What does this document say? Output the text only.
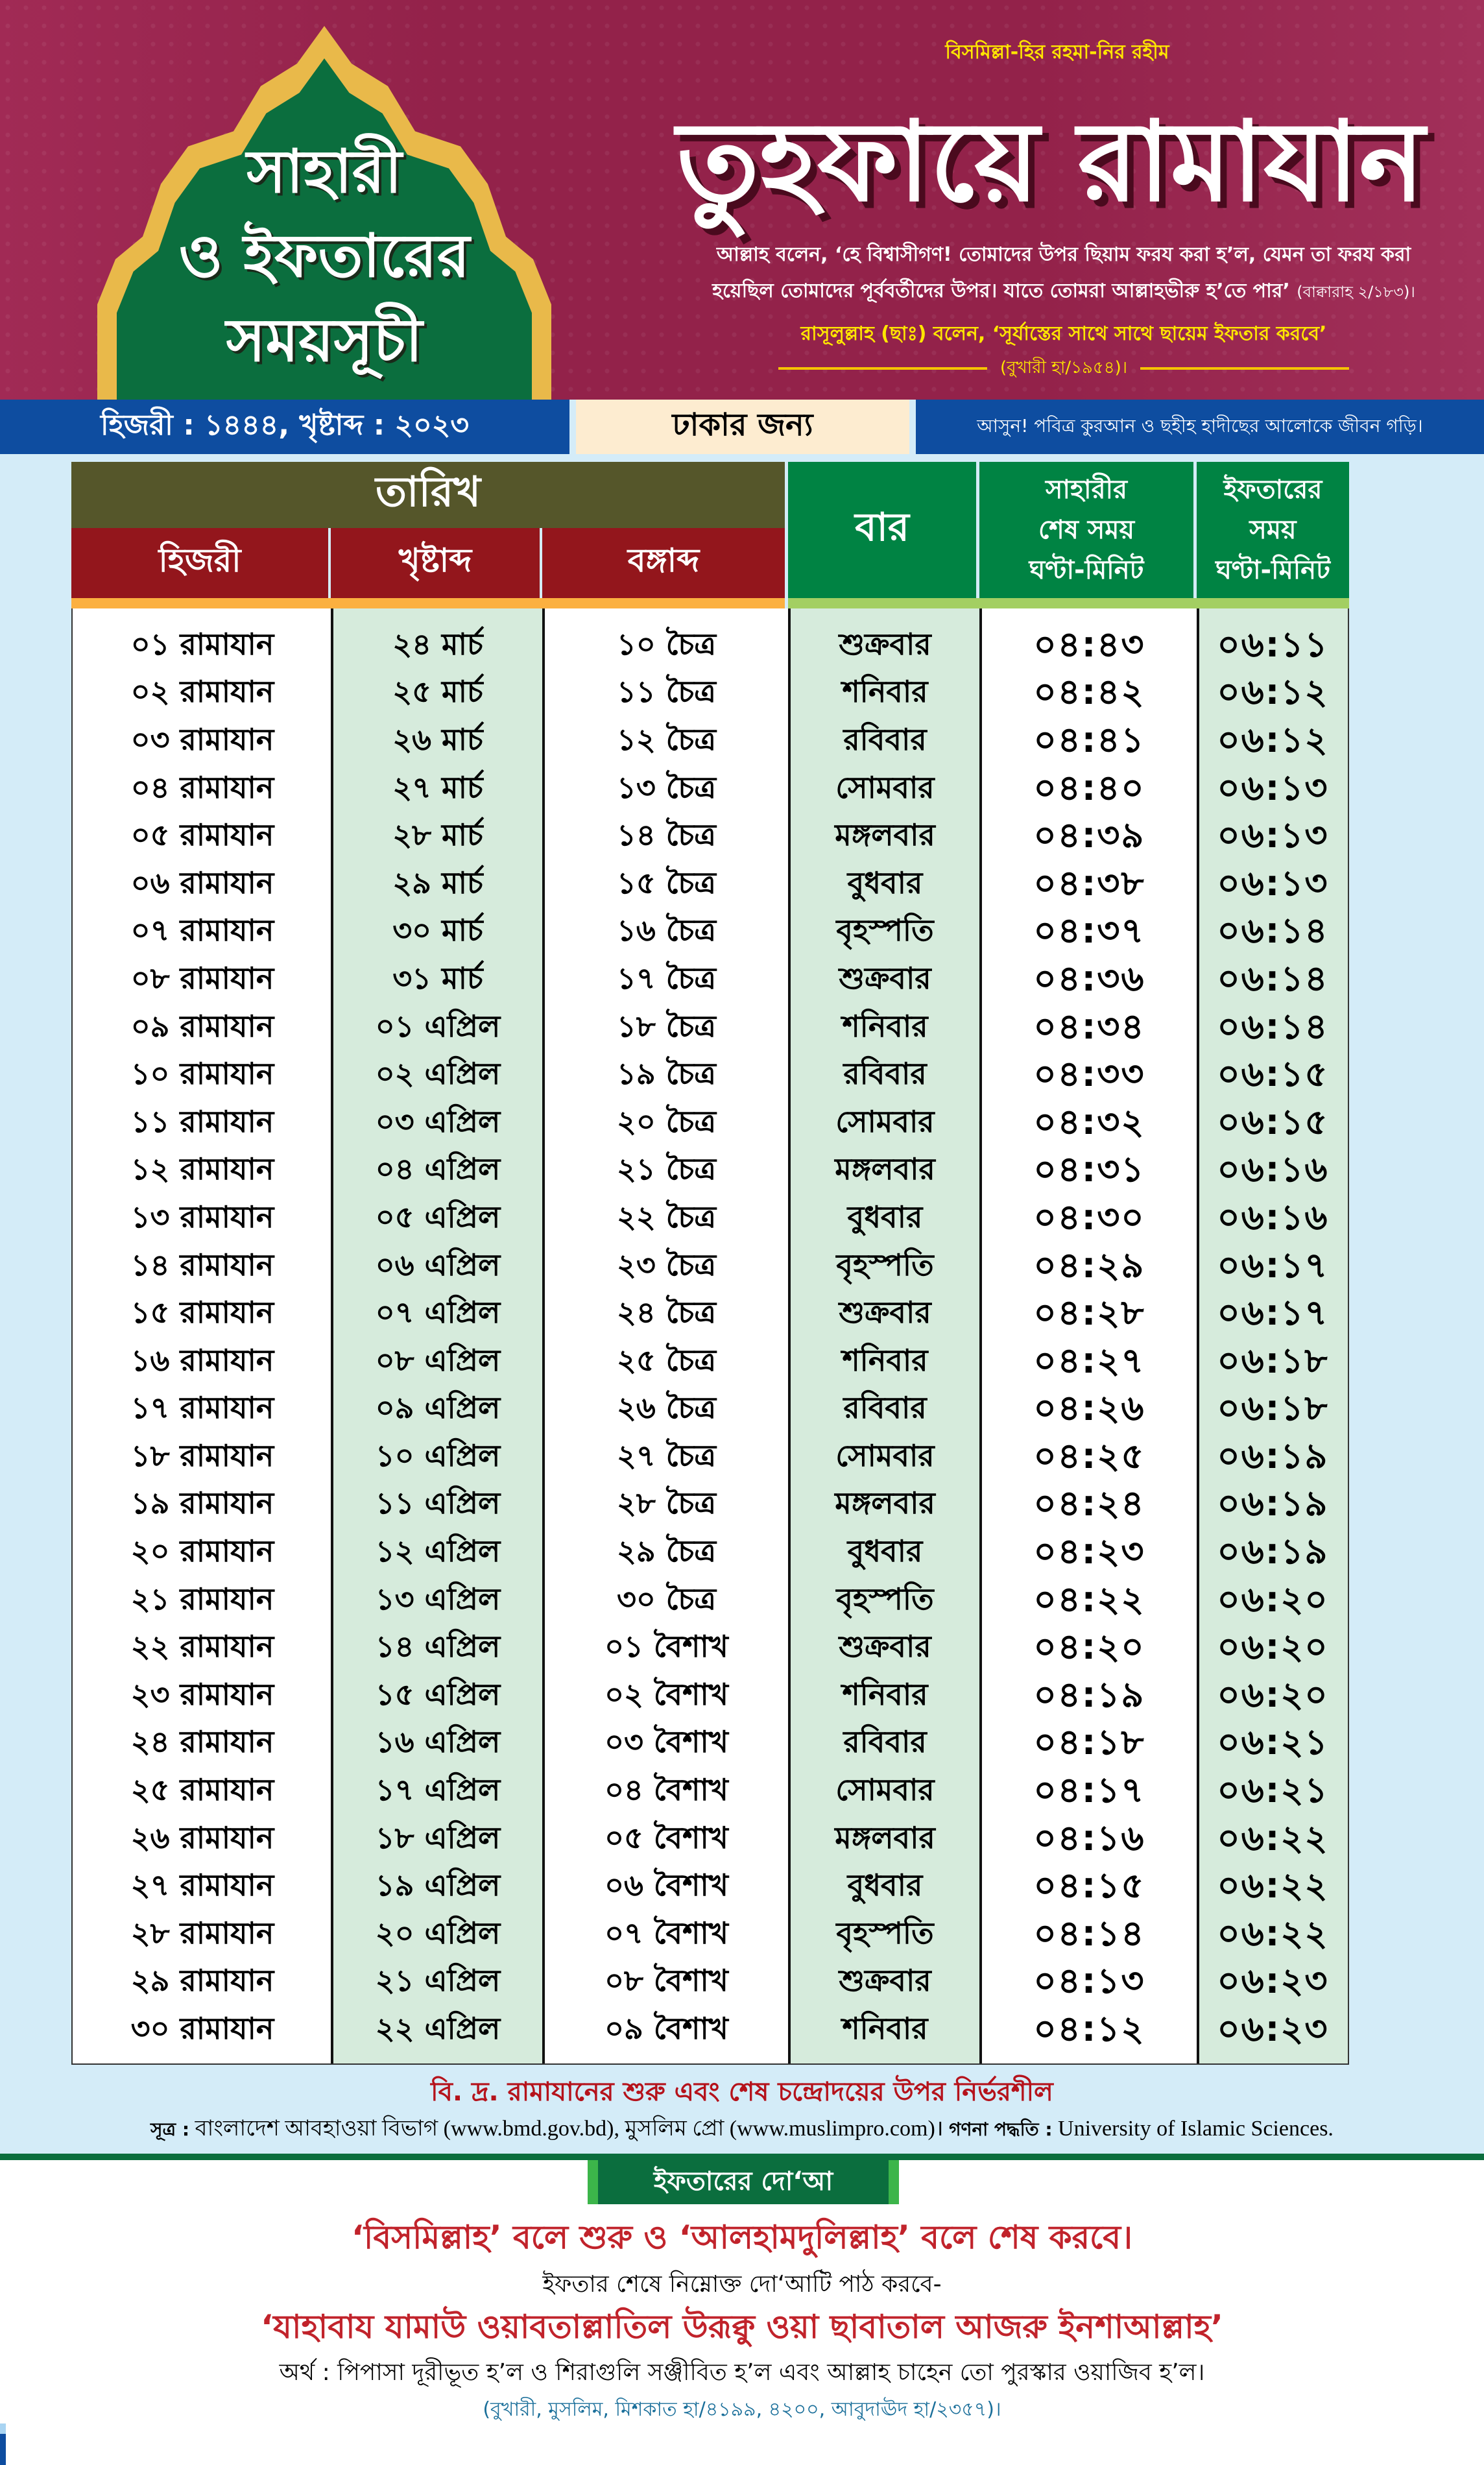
সাহারী
ও ইফতারের
সময়সূচী
বিসমিল্লা-হির রহমা-নির রহীম
তুহফায়ে রামাযান
আল্লাহ বলেন, ‘হে বিশ্বাসীগণ! তোমাদের উপর ছিয়াম ফরয করা হ’ল, যেমন তা ফরয করা
হয়েছিল তোমাদের পূর্ববর্তীদের উপর। যাতে তোমরা আল্লাহভীরু হ’তে পার’ (বাক্বারাহ ২/১৮৩)।
রাসূলুল্লাহ (ছাঃ) বলেন, ‘সূর্যাস্তের সাথে সাথে ছায়েম ইফতার করবে’
(বুখারী হা/১৯৫৪)।
হিজরী : ১৪৪৪, খৃষ্টাব্দ : ২০২৩	ঢাকার জন্য	আসুন! পবিত্র কুরআন ও ছহীহ হাদীছের আলোকে জীবন গড়ি।
তারিখ
হিজরী	খৃষ্টাব্দ	বঙ্গাব্দ
বার
সাহারীর
শেষ সময়
ঘণ্টা-মিনিট
ইফতারের
সময়
ঘণ্টা-মিনিট
০১ রামাযান	২৪ মার্চ	১০ চৈত্র	শুক্রবার	০৪:৪৩	০৬:১১
০২ রামাযান	২৫ মার্চ	১১ চৈত্র	শনিবার	০৪:৪২	০৬:১২
০৩ রামাযান	২৬ মার্চ	১২ চৈত্র	রবিবার	০৪:৪১	০৬:১২
০৪ রামাযান	২৭ মার্চ	১৩ চৈত্র	সোমবার	০৪:৪০	০৬:১৩
০৫ রামাযান	২৮ মার্চ	১৪ চৈত্র	মঙ্গলবার	০৪:৩৯	০৬:১৩
০৬ রামাযান	২৯ মার্চ	১৫ চৈত্র	বুধবার	০৪:৩৮	০৬:১৩
০৭ রামাযান	৩০ মার্চ	১৬ চৈত্র	বৃহস্পতি	০৪:৩৭	০৬:১৪
০৮ রামাযান	৩১ মার্চ	১৭ চৈত্র	শুক্রবার	০৪:৩৬	০৬:১৪
০৯ রামাযান	০১ এপ্রিল	১৮ চৈত্র	শনিবার	০৪:৩৪	০৬:১৪
১০ রামাযান	০২ এপ্রিল	১৯ চৈত্র	রবিবার	০৪:৩৩	০৬:১৫
১১ রামাযান	০৩ এপ্রিল	২০ চৈত্র	সোমবার	০৪:৩২	০৬:১৫
১২ রামাযান	০৪ এপ্রিল	২১ চৈত্র	মঙ্গলবার	০৪:৩১	০৬:১৬
১৩ রামাযান	০৫ এপ্রিল	২২ চৈত্র	বুধবার	০৪:৩০	০৬:১৬
১৪ রামাযান	০৬ এপ্রিল	২৩ চৈত্র	বৃহস্পতি	০৪:২৯	০৬:১৭
১৫ রামাযান	০৭ এপ্রিল	২৪ চৈত্র	শুক্রবার	০৪:২৮	০৬:১৭
১৬ রামাযান	০৮ এপ্রিল	২৫ চৈত্র	শনিবার	০৪:২৭	০৬:১৮
১৭ রামাযান	০৯ এপ্রিল	২৬ চৈত্র	রবিবার	০৪:২৬	০৬:১৮
১৮ রামাযান	১০ এপ্রিল	২৭ চৈত্র	সোমবার	০৪:২৫	০৬:১৯
১৯ রামাযান	১১ এপ্রিল	২৮ চৈত্র	মঙ্গলবার	০৪:২৪	০৬:১৯
২০ রামাযান	১২ এপ্রিল	২৯ চৈত্র	বুধবার	০৪:২৩	০৬:১৯
২১ রামাযান	১৩ এপ্রিল	৩০ চৈত্র	বৃহস্পতি	০৪:২২	০৬:২০
২২ রামাযান	১৪ এপ্রিল	০১ বৈশাখ	শুক্রবার	০৪:২০	০৬:২০
২৩ রামাযান	১৫ এপ্রিল	০২ বৈশাখ	শনিবার	০৪:১৯	০৬:২০
২৪ রামাযান	১৬ এপ্রিল	০৩ বৈশাখ	রবিবার	০৪:১৮	০৬:২১
২৫ রামাযান	১৭ এপ্রিল	০৪ বৈশাখ	সোমবার	০৪:১৭	০৬:২১
২৬ রামাযান	১৮ এপ্রিল	০৫ বৈশাখ	মঙ্গলবার	০৪:১৬	০৬:২২
২৭ রামাযান	১৯ এপ্রিল	০৬ বৈশাখ	বুধবার	০৪:১৫	০৬:২২
২৮ রামাযান	২০ এপ্রিল	০৭ বৈশাখ	বৃহস্পতি	০৪:১৪	০৬:২২
২৯ রামাযান	২১ এপ্রিল	০৮ বৈশাখ	শুক্রবার	০৪:১৩	০৬:২৩
৩০ রামাযান	২২ এপ্রিল	০৯ বৈশাখ	শনিবার	০৪:১২	০৬:২৩
বি. দ্র. রামাযানের শুরু এবং শেষ চন্দ্রোদয়ের উপর নির্ভরশীল
সূত্র : বাংলাদেশ আবহাওয়া বিভাগ (www.bmd.gov.bd), মুসলিম প্রো (www.muslimpro.com)। গণনা পদ্ধতি : University of Islamic Sciences.
ইফতারের দো‘আ
‘বিসমিল্লাহ’ বলে শুরু ও ‘আলহামদুলিল্লাহ’ বলে শেষ করবে।
ইফতার শেষে নিম্নোক্ত দো‘আটি পাঠ করবে-
‘যাহাবায যামাউ ওয়াবতাল্লাতিল উরূক্বু ওয়া ছাবাতাল আজরু ইনশাআল্লাহ’
অর্থ : পিপাসা দূরীভূত হ’ল ও শিরাগুলি সঞ্জীবিত হ’ল এবং আল্লাহ চাহেন তো পুরস্কার ওয়াজিব হ’ল।
(বুখারী, মুসলিম, মিশকাত হা/৪১৯৯, ৪২০০, আবুদাঊদ হা/২৩৫৭)।
